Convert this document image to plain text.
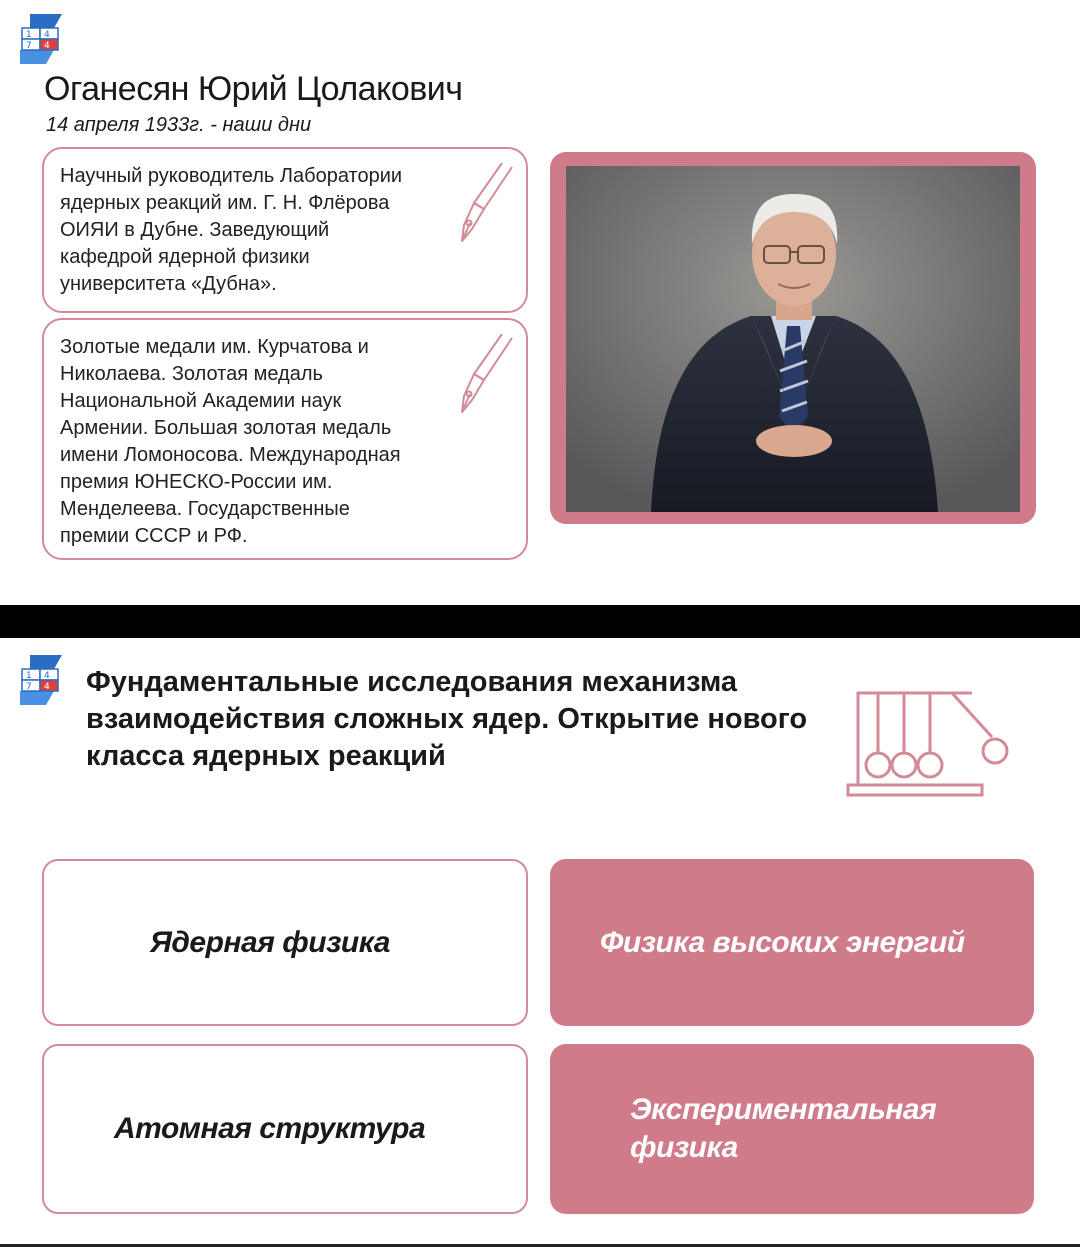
1 4
7 4
Оганесян Юрий Цолакович
14 апреля 1933г. - наши дни
Научный руководитель Лаборатории
ядерных реакций им. Г. Н. Флёрова
ОИЯИ в Дубне. Заведующий
кафедрой ядерной физики
университета «Дубна».
Золотые медали им. Курчатова и
Николаева. Золотая медаль
Национальной Академии наук
Армении. Большая золотая медаль
имени Ломоносова. Международная
премия ЮНЕСКО-России им.
Менделеева. Государственные
премии СССР и РФ.
1 4
7 4 Фундаментальные исследования механизма
взаимодействия сложных ядер. Открытие нового
класса ядерных реакций
Ядерная физика	Физика высоких энергий
Атомная структура
Экспериментальная
физика
